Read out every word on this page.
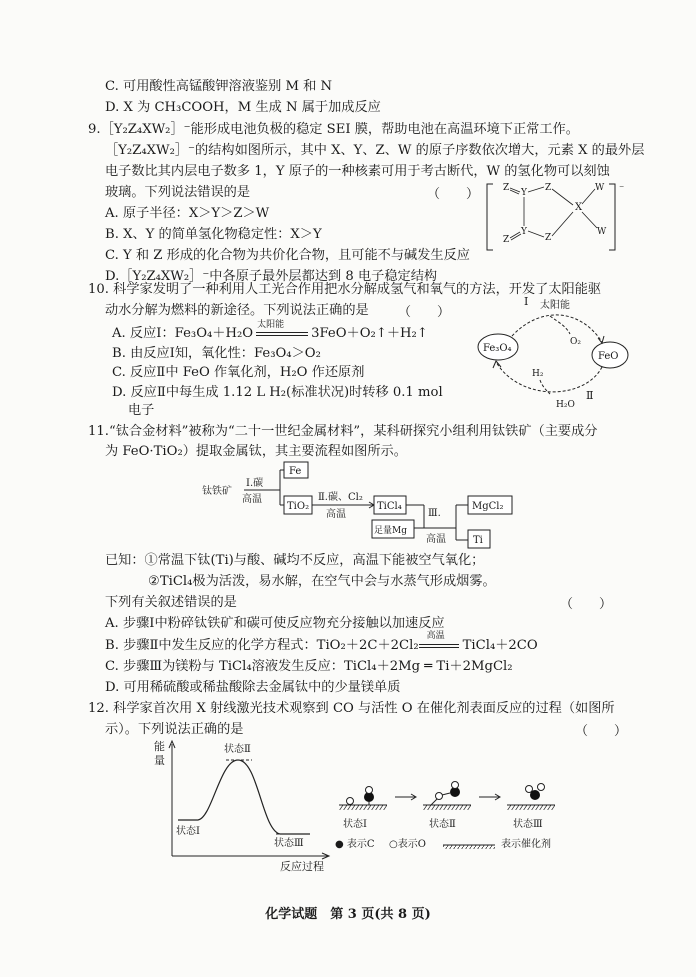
C. 可用酸性高锰酸钾溶液鉴别 M 和 N
D. X 为 CH₃COOH，M 生成 N 属于加成反应
9.［Y₂Z₄XW₂］⁻能形成电池负极的稳定 SEI 膜，帮助电池在高温环境下正常工作。
［Y₂Z₄XW₂］⁻的结构如图所示，其中 X、Y、Z、W 的原子序数依次增大，元素 X 的最外层
电子数比其内层电子数多 1，Y 原子的一种核素可用于考古断代，W 的氢化物可以刻蚀
玻璃。下列说法错误的是	（　　）
A. 原子半径：X＞Y＞Z＞W
B. X、Y 的简单氢化物稳定性：X＞Y
C. Y 和 Z 形成的化合物为共价化合物，且可能不与碱发生反应
D.［Y₂Z₄XW₂］⁻中各原子最外层都达到 8 电子稳定结构
⁻
Z Y Z
X
W
Y
Z	Z
W
10. 科学家发明了一种利用人工光合作用把水分解成氢气和氧气的方法，开发了太阳能驱
动水分解为燃料的新途径。下列说法正确的是 （　　）
A. 反应Ⅰ：Fe₃O₄＋H₂O
太阳能
3FeO＋O₂↑＋H₂↑
B. 由反应Ⅰ知，氧化性：Fe₃O₄＞O₂
C. 反应Ⅱ中 FeO 作氧化剂，H₂O 作还原剂
D. 反应Ⅱ中每生成 1.12 L H₂(标准状况)时转移 0.1 mol
电子
Ⅰ 太阳能
O₂
Fe₃O₄
FeO
H₂
H₂O
Ⅱ
11.“钛合金材料”被称为“二十一世纪金属材料”，某科研探究小组利用钛铁矿（主要成分
为 FeO·TiO₂）提取金属钛，其主要流程如图所示。
钛铁矿
Ⅰ.碳
高温
Fe
TiO₂
Ⅱ.碳、Cl₂
高温
TiCl₄
足量Mg
Ⅲ.
高温
MgCl₂
Ti
已知：①常温下钛(Ti)与酸、碱均不反应，高温下能被空气氧化；
②TiCl₄极为活泼，易水解，在空气中会与水蒸气形成烟雾。
下列有关叙述错误的是	（　　）
A. 步骤Ⅰ中粉碎钛铁矿和碳可使反应物充分接触以加速反应
B. 步骤Ⅱ中发生反应的化学方程式：TiO₂＋2C＋2Cl₂
高温
TiCl₄＋2CO
C. 步骤Ⅲ为镁粉与 TiCl₄溶液发生反应：TiCl₄＋2Mg ═ Ti＋2MgCl₂
D. 可用稀硫酸或稀盐酸除去金属钛中的少量镁单质
12. 科学家首次用 X 射线激光技术观察到 CO 与活性 O 在催化剂表面反应的过程（如图所
示）。下列说法正确的是	（　　）
能
量
反应过程
状态Ⅰ
状态Ⅱ
状态Ⅲ
状态Ⅰ	状态Ⅱ	状态Ⅲ
● 表示C ○表示O	表示催化剂
化学试题　第 3 页(共 8 页)
